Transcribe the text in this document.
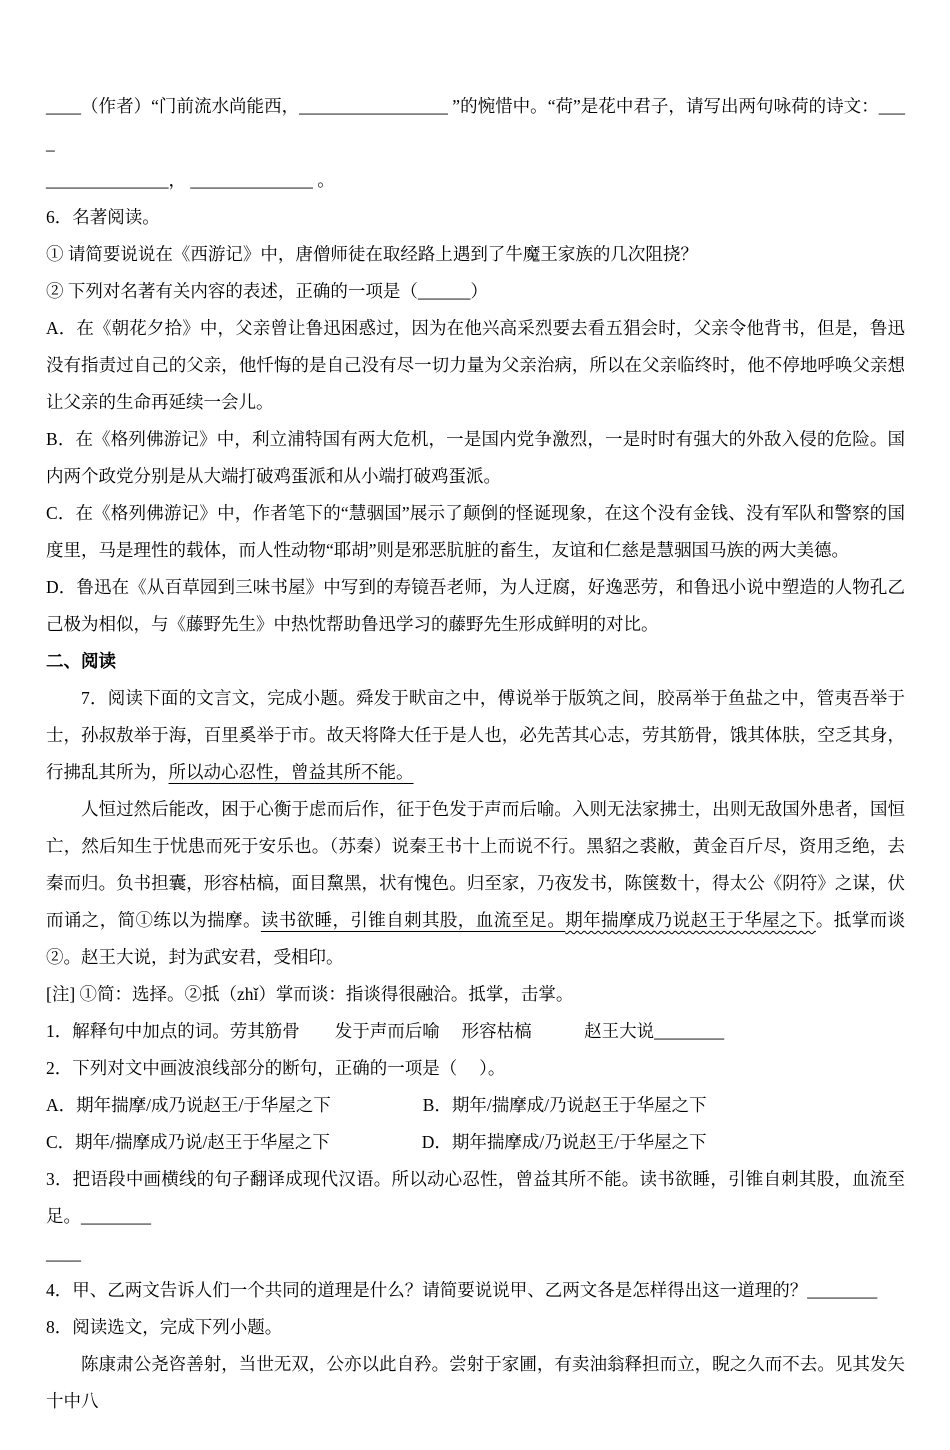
____（作者）“门前流水尚能西，_________________ ”的惋惜中。“荷”是花中君子，请写出两句咏荷的诗文：____

______________， ______________ 。

6．名著阅读。

① 请简要说说在《西游记》中，唐僧师徒在取经路上遇到了牛魔王家族的几次阻挠？

② 下列对名著有关内容的表述，正确的一项是（______）

A．在《朝花夕拾》中，父亲曾让鲁迅困惑过，因为在他兴高采烈要去看五猖会时，父亲令他背书，但是，鲁迅没有指责过自己的父亲，他忏悔的是自己没有尽一切力量为父亲治病，所以在父亲临终时，他不停地呼唤父亲想让父亲的生命再延续一会儿。

B．在《格列佛游记》中，利立浦特国有两大危机，一是国内党争激烈，一是时时有强大的外敌入侵的危险。国内两个政党分别是从大端打破鸡蛋派和从小端打破鸡蛋派。

C．在《格列佛游记》中，作者笔下的“慧骃国”展示了颠倒的怪诞现象，在这个没有金钱、没有军队和警察的国度里，马是理性的载体，而人性动物“耶胡”则是邪恶肮脏的畜生，友谊和仁慈是慧骃国马族的两大美德。

D．鲁迅在《从百草园到三味书屋》中写到的寿镜吾老师，为人迂腐，好逸恶劳，和鲁迅小说中塑造的人物孔乙己极为相似，与《藤野先生》中热忱帮助鲁迅学习的藤野先生形成鲜明的对比。

二、阅读

7．阅读下面的文言文，完成小题。舜发于畎亩之中，傅说举于版筑之间，胶鬲举于鱼盐之中，管夷吾举于士，孙叔敖举于海，百里奚举于市。故天将降大任于是人也，必先苦其心志，劳其筋骨，饿其体肤，空乏其身，行拂乱其所为，所以动心忍性，曾益其所不能。

人恒过然后能改，困于心衡于虑而后作，征于色发于声而后喻。入则无法家拂士，出则无敌国外患者，国恒亡，然后知生于忧患而死于安乐也。（苏秦）说秦王书十上而说不行。黑貂之裘敝，黄金百斤尽，资用乏绝，去秦而归。负书担囊，形容枯槁，面目黧黑，状有愧色。归至家，乃夜发书，陈箧数十，得太公《阴符》之谋，伏而诵之，简①练以为揣摩。读书欲睡，引锥自刺其股，血流至足。期年揣摩成乃说赵王于华屋之下。抵掌而谈②。赵王大说，封为武安君，受相印。

[注] ①简：选择。②抵（zhǐ）掌而谈：指谈得很融洽。抵掌，击掌。

1．解释句中加点的词。劳其筋骨　　发于声而后喻　 形容枯槁　　　赵王大说________

2．下列对文中画波浪线部分的断句，正确的一项是（　 ）。

A．期年揣摩/成乃说赵王/于华屋之下　　　　　 B．期年/揣摩成/乃说赵王于华屋之下

C．期年/揣摩成乃说/赵王于华屋之下　　　　　 D．期年揣摩成/乃说赵王/于华屋之下

3．把语段中画横线的句子翻译成现代汉语。所以动心忍性，曾益其所不能。读书欲睡，引锥自刺其股，血流至足。________

____

4．甲、乙两文告诉人们一个共同的道理是什么？请简要说说甲、乙两文各是怎样得出这一道理的？________

8．阅读选文，完成下列小题。

陈康肃公尧咨善射，当世无双，公亦以此自矜。尝射于家圃，有卖油翁释担而立，睨之久而不去。见其发矢十中八
